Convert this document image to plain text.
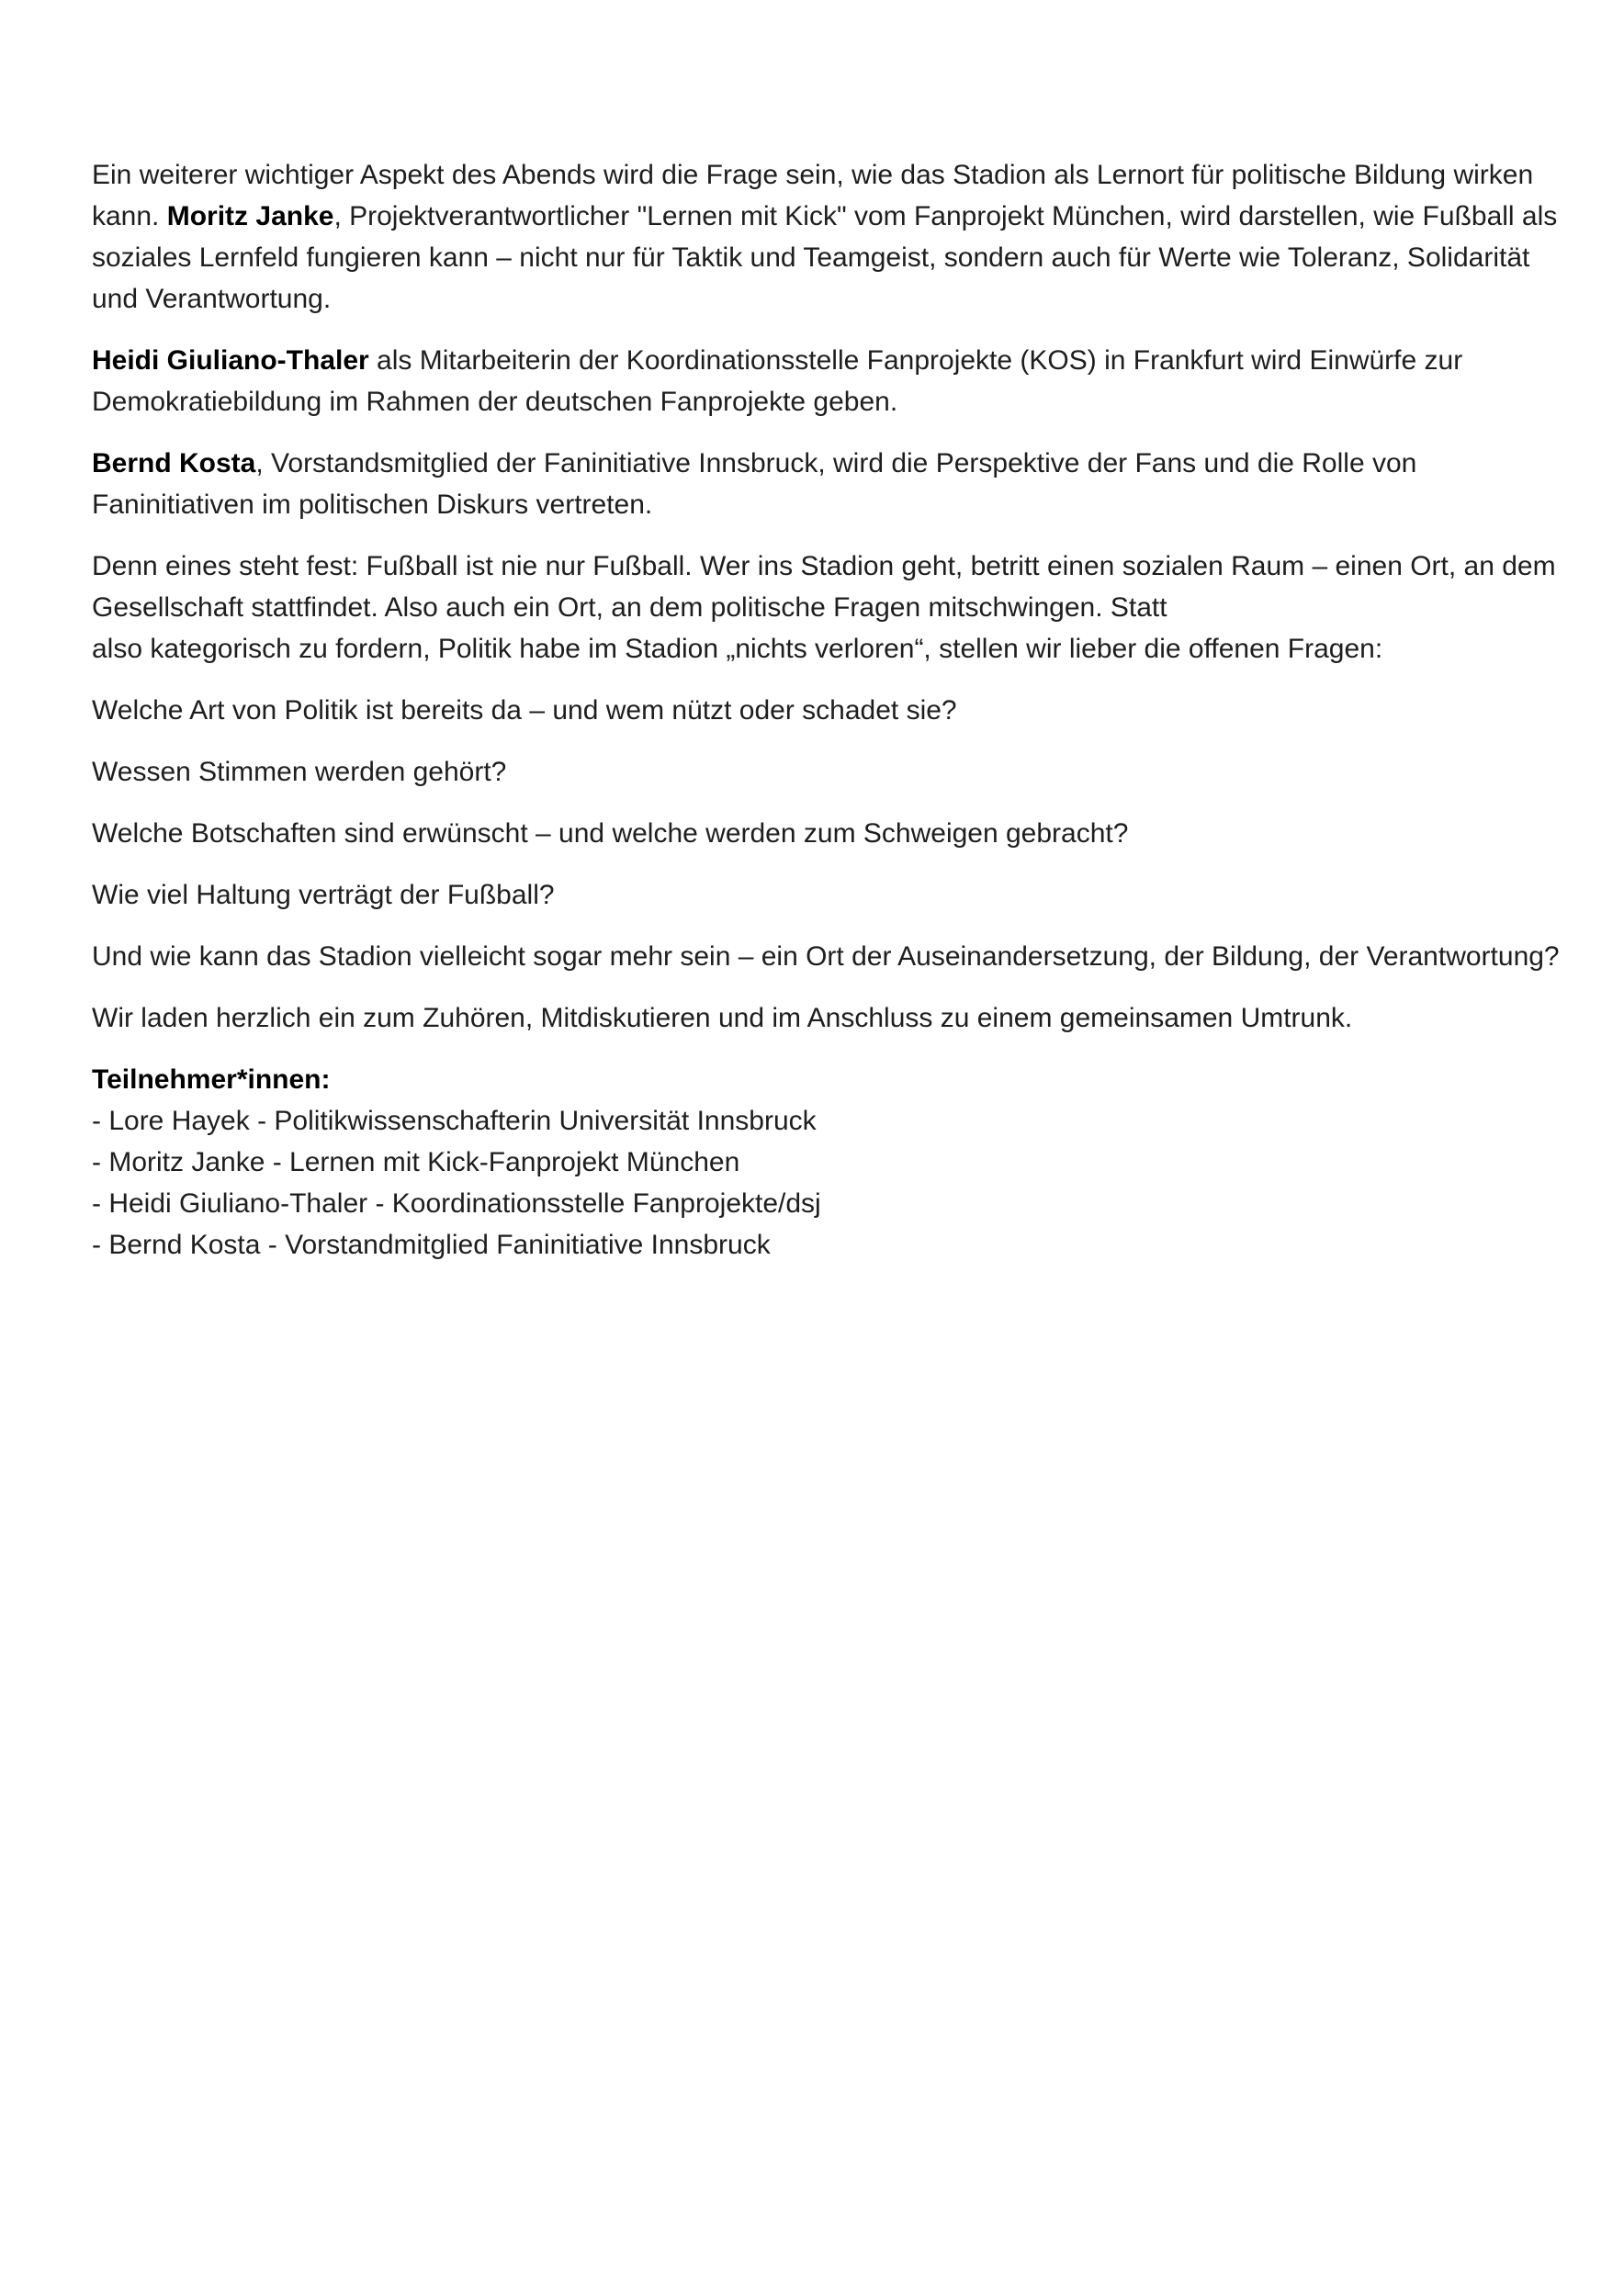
Ein weiterer wichtiger Aspekt des Abends wird die Frage sein, wie das Stadion als Lernort für politische Bildung wirken kann. Moritz Janke, Projektverantwortlicher "Lernen mit Kick" vom Fanprojekt München, wird darstellen, wie Fußball als soziales Lernfeld fungieren kann – nicht nur für Taktik und Teamgeist, sondern auch für Werte wie Toleranz, Solidarität und Verantwortung.

Heidi Giuliano-Thaler als Mitarbeiterin der Koordinationsstelle Fanprojekte (KOS) in Frankfurt wird Einwürfe zur Demokratiebildung im Rahmen der deutschen Fanprojekte geben.

Bernd Kosta, Vorstandsmitglied der Faninitiative Innsbruck, wird die Perspektive der Fans und die Rolle von Faninitiativen im politischen Diskurs vertreten.

Denn eines steht fest: Fußball ist nie nur Fußball. Wer ins Stadion geht, betritt einen sozialen Raum – einen Ort, an dem Gesellschaft stattfindet. Also auch ein Ort, an dem politische Fragen mitschwingen. Statt
also kategorisch zu fordern, Politik habe im Stadion „nichts verloren“, stellen wir lieber die offenen Fragen:

Welche Art von Politik ist bereits da – und wem nützt oder schadet sie?

Wessen Stimmen werden gehört?

Welche Botschaften sind erwünscht – und welche werden zum Schweigen gebracht?

Wie viel Haltung verträgt der Fußball?

Und wie kann das Stadion vielleicht sogar mehr sein – ein Ort der Auseinandersetzung, der Bildung, der Verantwortung?

Wir laden herzlich ein zum Zuhören, Mitdiskutieren und im Anschluss zu einem gemeinsamen Umtrunk.

Teilnehmer*innen:

- Lore Hayek - Politikwissenschafterin Universität Innsbruck
- Moritz Janke - Lernen mit Kick-Fanprojekt München
- Heidi Giuliano-Thaler - Koordinationsstelle Fanprojekte/dsj
- Bernd Kosta - Vorstandmitglied Faninitiative Innsbruck
